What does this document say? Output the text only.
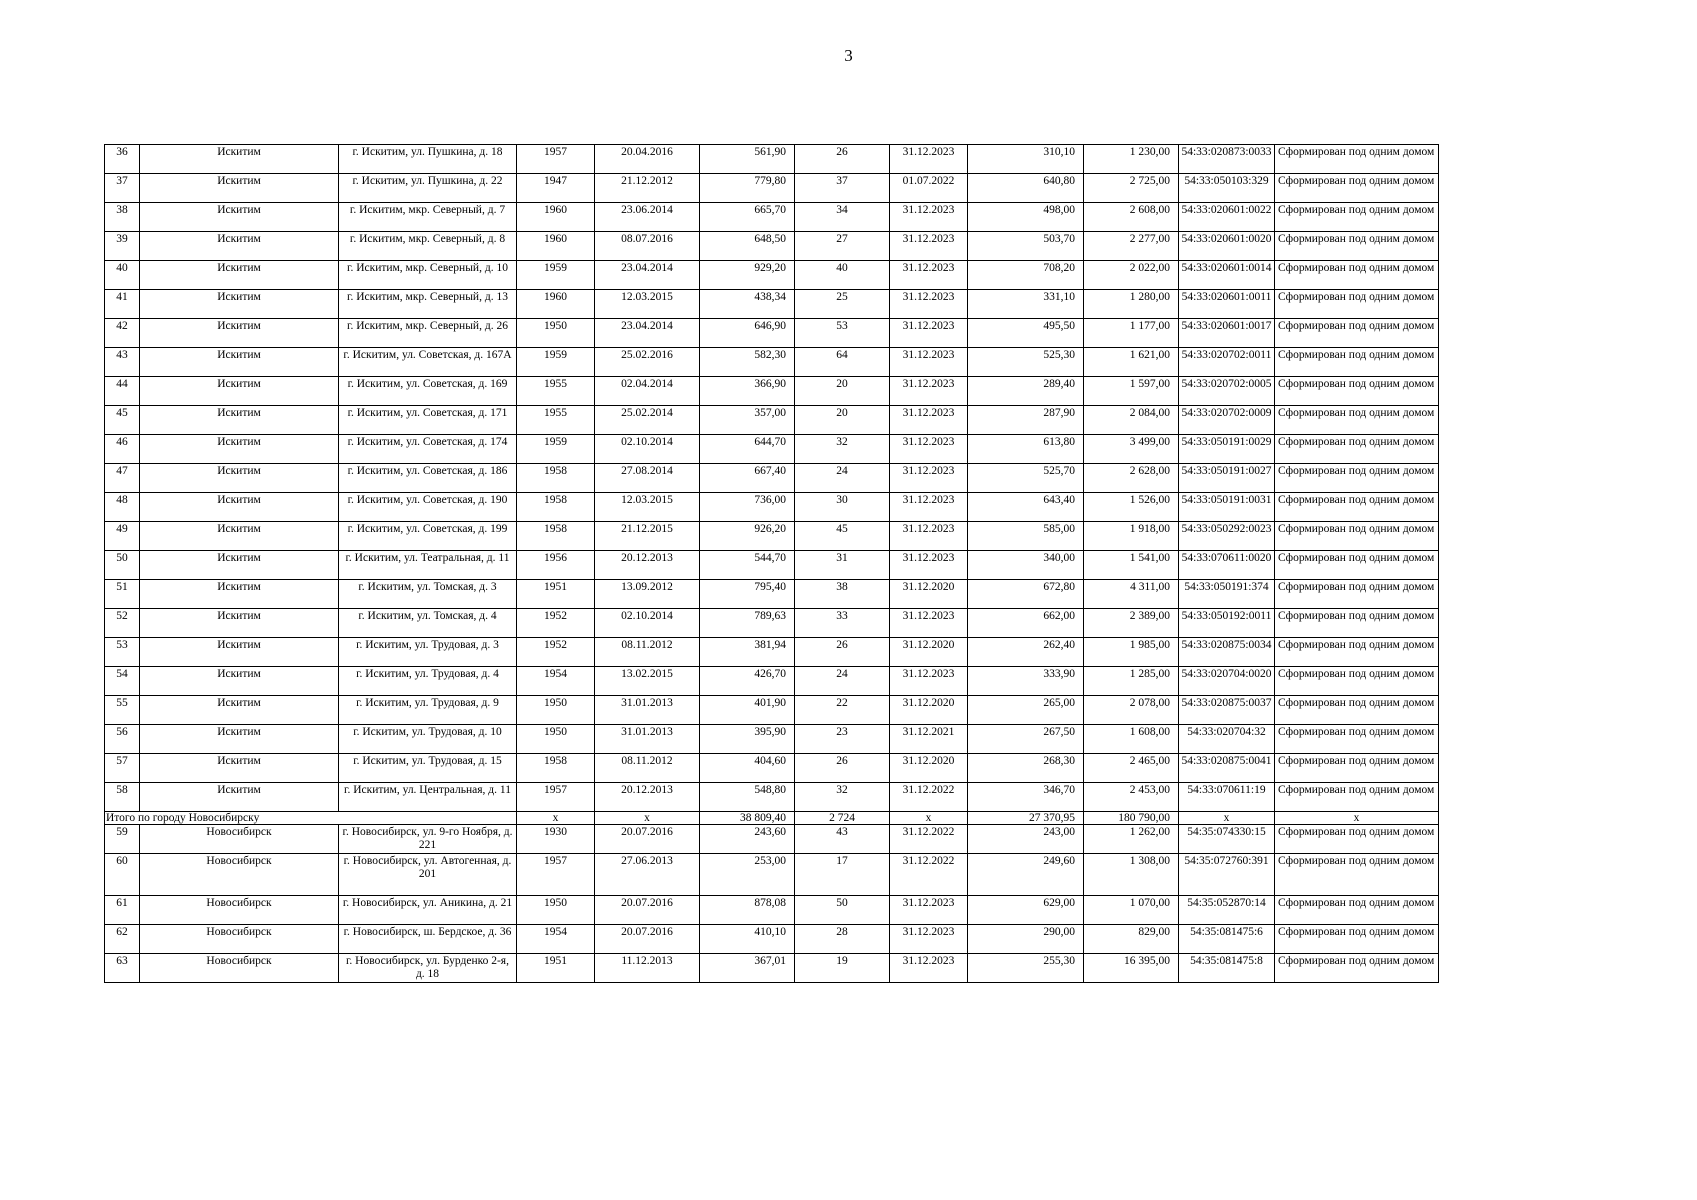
3
36	Искитим	г. Искитим, ул. Пушкина, д. 18	1957	20.04.2016	561,90	26	31.12.2023	310,10	1 230,00	54:33:020873:0033	Сформирован под одним домом
37	Искитим	г. Искитим, ул. Пушкина, д. 22	1947	21.12.2012	779,80	37	01.07.2022	640,80	2 725,00	54:33:050103:329	Сформирован под одним домом
38	Искитим	г. Искитим, мкр. Северный, д. 7	1960	23.06.2014	665,70	34	31.12.2023	498,00	2 608,00	54:33:020601:0022	Сформирован под одним домом
39	Искитим	г. Искитим, мкр. Северный, д. 8	1960	08.07.2016	648,50	27	31.12.2023	503,70	2 277,00	54:33:020601:0020	Сформирован под одним домом
40	Искитим	г. Искитим, мкр. Северный, д. 10	1959	23.04.2014	929,20	40	31.12.2023	708,20	2 022,00	54:33:020601:0014	Сформирован под одним домом
41	Искитим	г. Искитим, мкр. Северный, д. 13	1960	12.03.2015	438,34	25	31.12.2023	331,10	1 280,00	54:33:020601:0011	Сформирован под одним домом
42	Искитим	г. Искитим, мкр. Северный, д. 26	1950	23.04.2014	646,90	53	31.12.2023	495,50	1 177,00	54:33:020601:0017	Сформирован под одним домом
43	Искитим	г. Искитим, ул. Советская, д. 167А	1959	25.02.2016	582,30	64	31.12.2023	525,30	1 621,00	54:33:020702:0011	Сформирован под одним домом
44	Искитим	г. Искитим, ул. Советская, д. 169	1955	02.04.2014	366,90	20	31.12.2023	289,40	1 597,00	54:33:020702:0005	Сформирован под одним домом
45	Искитим	г. Искитим, ул. Советская, д. 171	1955	25.02.2014	357,00	20	31.12.2023	287,90	2 084,00	54:33:020702:0009	Сформирован под одним домом
46	Искитим	г. Искитим, ул. Советская, д. 174	1959	02.10.2014	644,70	32	31.12.2023	613,80	3 499,00	54:33:050191:0029	Сформирован под одним домом
47	Искитим	г. Искитим, ул. Советская, д. 186	1958	27.08.2014	667,40	24	31.12.2023	525,70	2 628,00	54:33:050191:0027	Сформирован под одним домом
48	Искитим	г. Искитим, ул. Советская, д. 190	1958	12.03.2015	736,00	30	31.12.2023	643,40	1 526,00	54:33:050191:0031	Сформирован под одним домом
49	Искитим	г. Искитим, ул. Советская, д. 199	1958	21.12.2015	926,20	45	31.12.2023	585,00	1 918,00	54:33:050292:0023	Сформирован под одним домом
50	Искитим	г. Искитим, ул. Театральная, д. 11	1956	20.12.2013	544,70	31	31.12.2023	340,00	1 541,00	54:33:070611:0020	Сформирован под одним домом
51	Искитим	г. Искитим, ул. Томская, д. 3	1951	13.09.2012	795,40	38	31.12.2020	672,80	4 311,00	54:33:050191:374	Сформирован под одним домом
52	Искитим	г. Искитим, ул. Томская, д. 4	1952	02.10.2014	789,63	33	31.12.2023	662,00	2 389,00	54:33:050192:0011	Сформирован под одним домом
53	Искитим	г. Искитим, ул. Трудовая, д. 3	1952	08.11.2012	381,94	26	31.12.2020	262,40	1 985,00	54:33:020875:0034	Сформирован под одним домом
54	Искитим	г. Искитим, ул. Трудовая, д. 4	1954	13.02.2015	426,70	24	31.12.2023	333,90	1 285,00	54:33:020704:0020	Сформирован под одним домом
55	Искитим	г. Искитим, ул. Трудовая, д. 9	1950	31.01.2013	401,90	22	31.12.2020	265,00	2 078,00	54:33:020875:0037	Сформирован под одним домом
56	Искитим	г. Искитим, ул. Трудовая, д. 10	1950	31.01.2013	395,90	23	31.12.2021	267,50	1 608,00	54:33:020704:32	Сформирован под одним домом
57	Искитим	г. Искитим, ул. Трудовая, д. 15	1958	08.11.2012	404,60	26	31.12.2020	268,30	2 465,00	54:33:020875:0041	Сформирован под одним домом
58	Искитим	г. Искитим, ул. Центральная, д. 11	1957	20.12.2013	548,80	32	31.12.2022	346,70	2 453,00	54:33:070611:19	Сформирован под одним домом
Итого по городу Новосибирску			x	x	38 809,40	2 724	x	27 370,95	180 790,00	x	x
59	Новосибирск	г. Новосибирск, ул. 9-го Ноября, д. 221	1930	20.07.2016	243,60	43	31.12.2022	243,00	1 262,00	54:35:074330:15	Сформирован под одним домом
60	Новосибирск	г. Новосибирск, ул. Автогенная, д. 201	1957	27.06.2013	253,00	17	31.12.2022	249,60	1 308,00	54:35:072760:391	Сформирован под одним домом
61	Новосибирск	г. Новосибирск, ул. Аникина, д. 21	1950	20.07.2016	878,08	50	31.12.2023	629,00	1 070,00	54:35:052870:14	Сформирован под одним домом
62	Новосибирск	г. Новосибирск, ш. Бердское, д. 36	1954	20.07.2016	410,10	28	31.12.2023	290,00	829,00	54:35:081475:6	Сформирован под одним домом
63	Новосибирск	г. Новосибирск, ул. Бурденко 2-я, д. 18	1951	11.12.2013	367,01	19	31.12.2023	255,30	16 395,00	54:35:081475:8	Сформирован под одним домом
